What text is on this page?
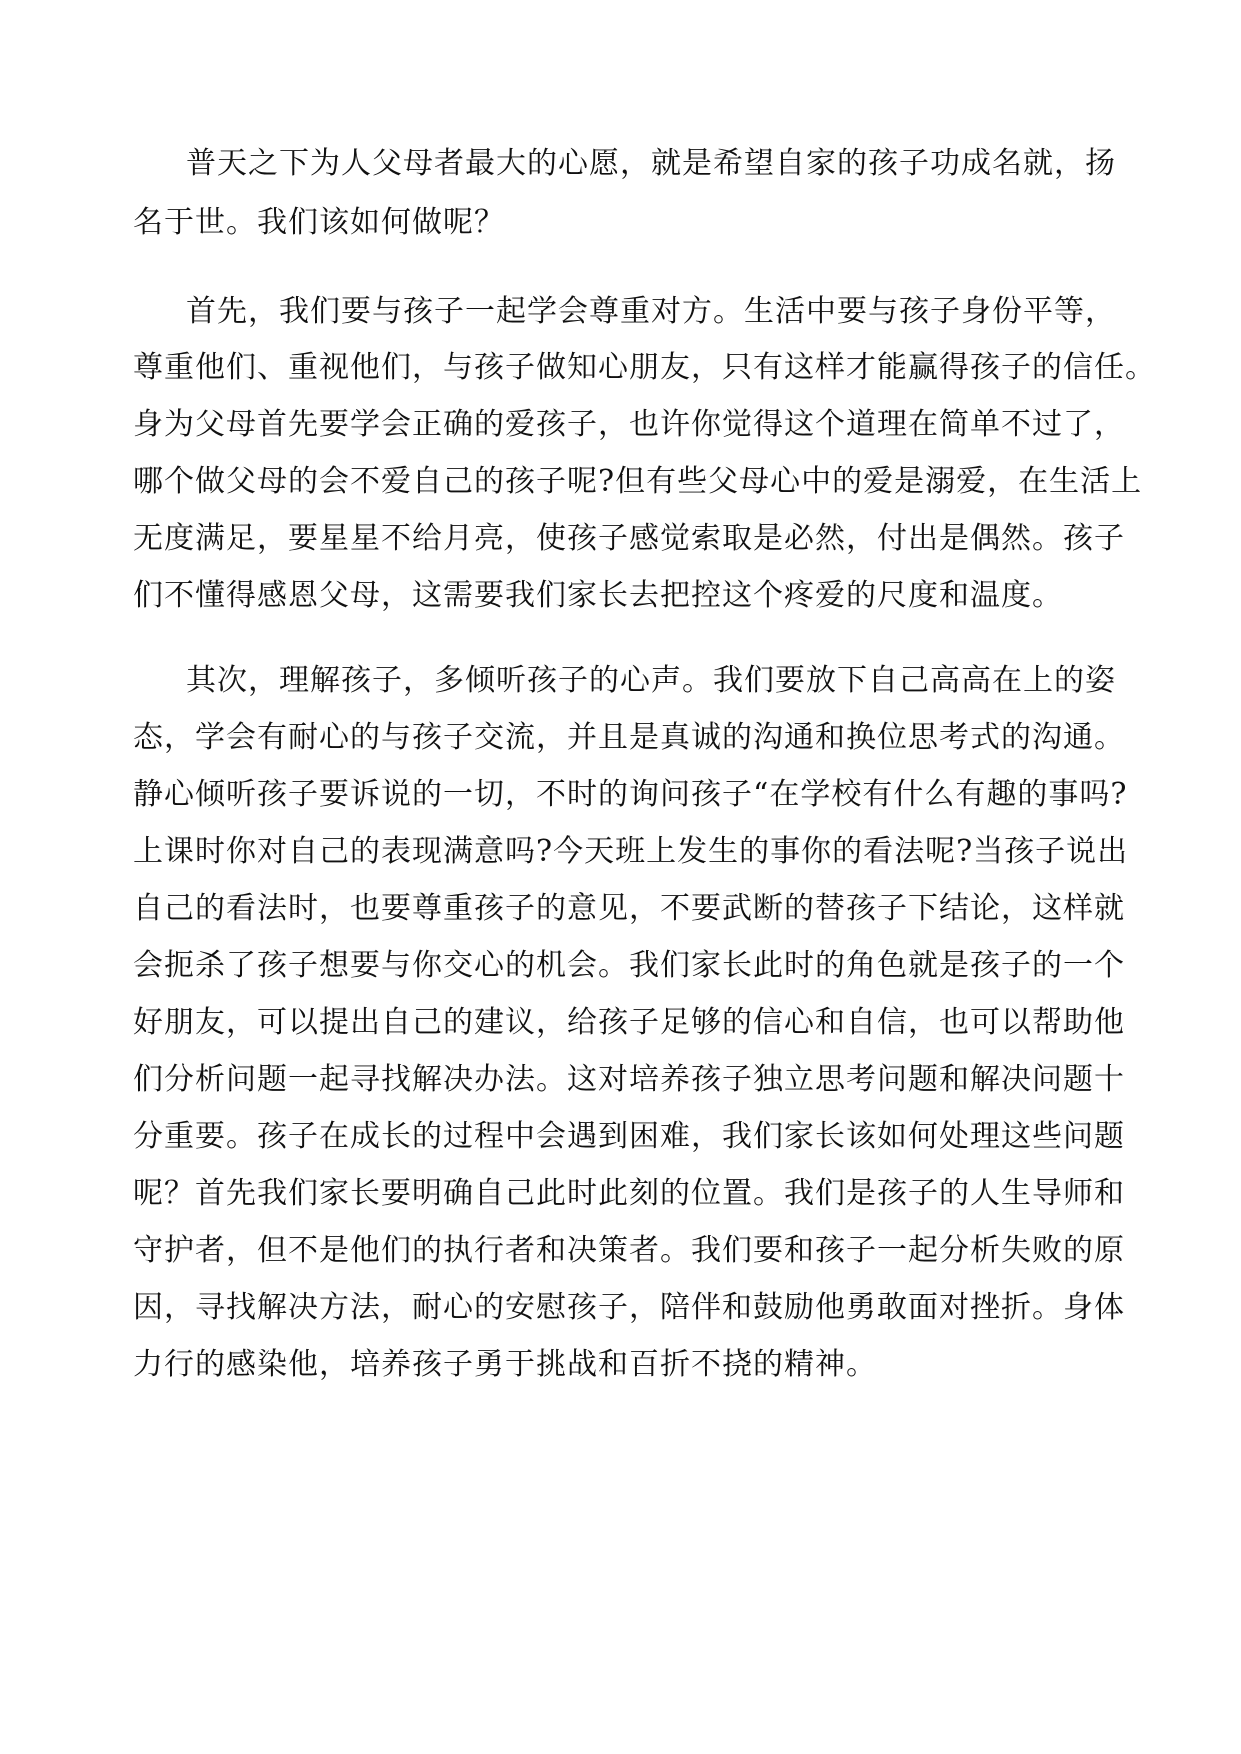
普天之下为人父母者最大的心愿，就是希望自家的孩子功成名就，扬
名于世。我们该如何做呢？
首先，我们要与孩子一起学会尊重对方。生活中要与孩子身份平等，
尊重他们、重视他们，与孩子做知心朋友，只有这样才能赢得孩子的信任。
身为父母首先要学会正确的爱孩子，也许你觉得这个道理在简单不过了，
哪个做父母的会不爱自己的孩子呢?但有些父母心中的爱是溺爱，在生活上
无度满足，要星星不给月亮，使孩子感觉索取是必然，付出是偶然。孩子
们不懂得感恩父母，这需要我们家长去把控这个疼爱的尺度和温度。
其次，理解孩子，多倾听孩子的心声。我们要放下自己高高在上的姿
态，学会有耐心的与孩子交流，并且是真诚的沟通和换位思考式的沟通。
静心倾听孩子要诉说的一切，不时的询问孩子“在学校有什么有趣的事吗?
上课时你对自己的表现满意吗?今天班上发生的事你的看法呢?当孩子说出
自己的看法时，也要尊重孩子的意见，不要武断的替孩子下结论，这样就
会扼杀了孩子想要与你交心的机会。我们家长此时的角色就是孩子的一个
好朋友，可以提出自己的建议，给孩子足够的信心和自信，也可以帮助他
们分析问题一起寻找解决办法。这对培养孩子独立思考问题和解决问题十
分重要。孩子在成长的过程中会遇到困难，我们家长该如何处理这些问题
呢？首先我们家长要明确自己此时此刻的位置。我们是孩子的人生导师和
守护者，但不是他们的执行者和决策者。我们要和孩子一起分析失败的原
因，寻找解决方法，耐心的安慰孩子，陪伴和鼓励他勇敢面对挫折。身体
力行的感染他，培养孩子勇于挑战和百折不挠的精神。
